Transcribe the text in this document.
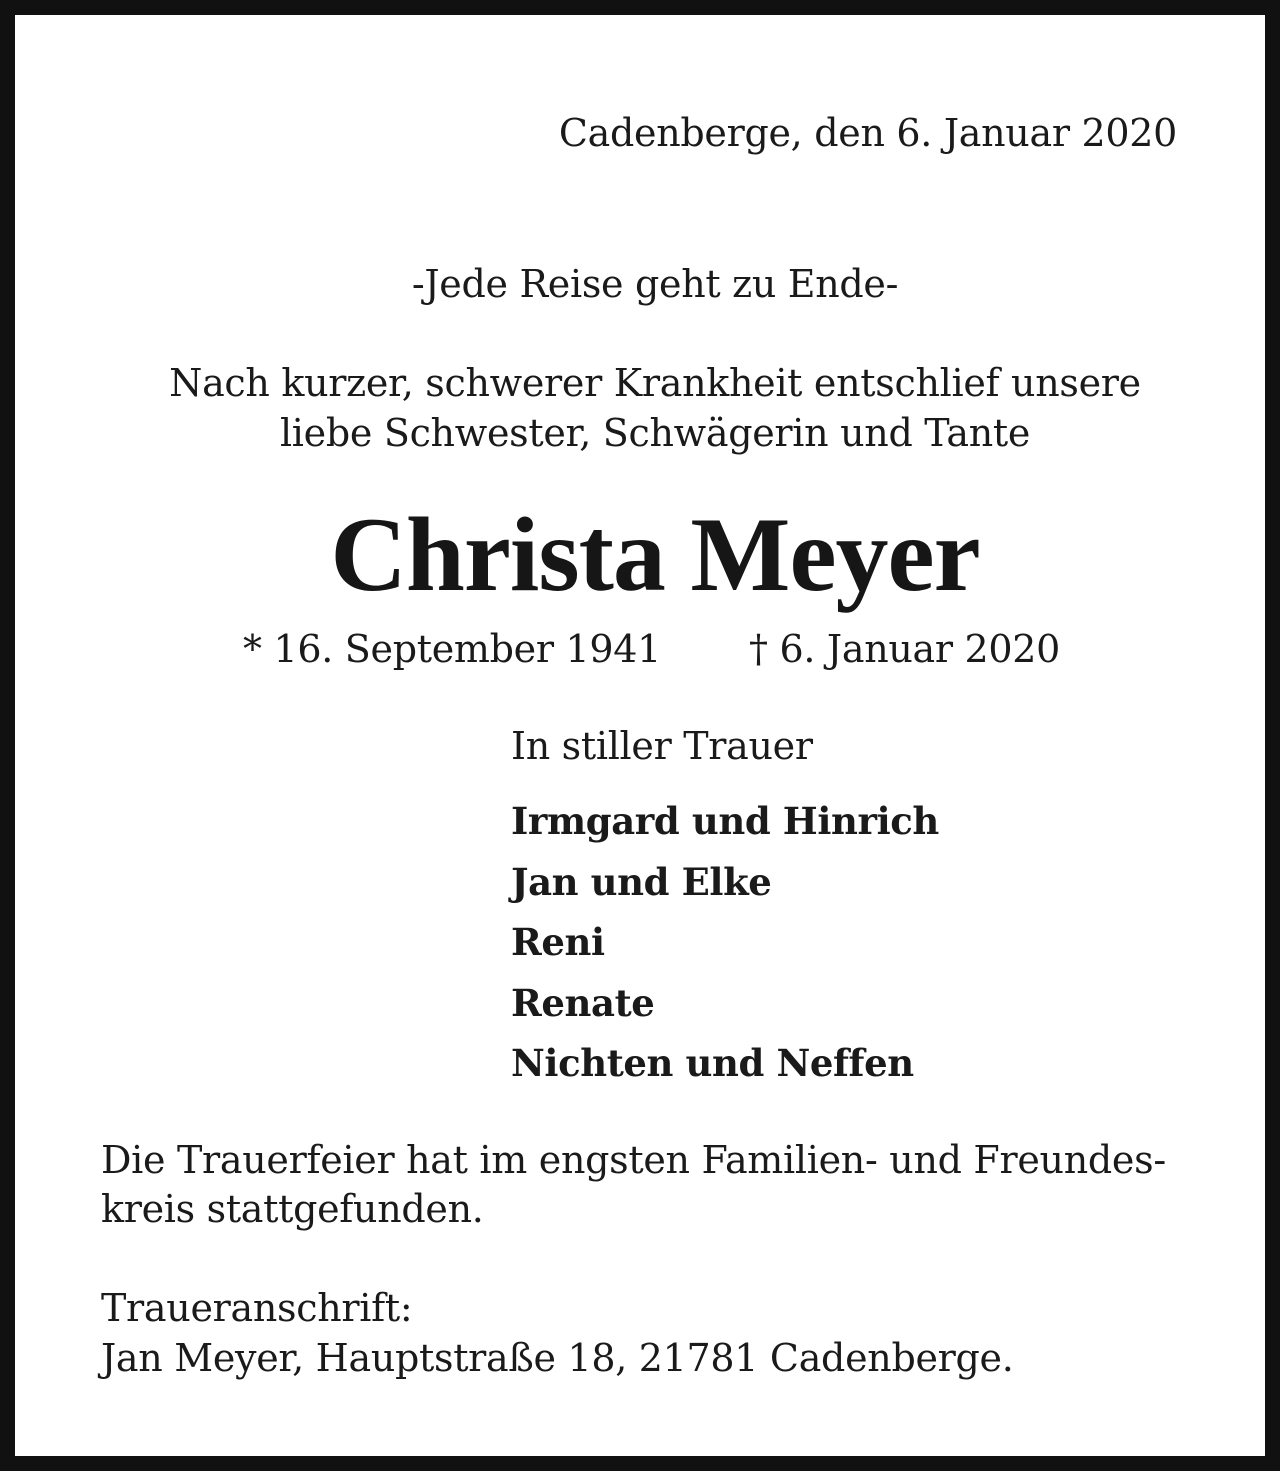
Cadenberge, den 6. Januar 2020
-Jede Reise geht zu Ende-
Nach kurzer, schwerer Krankheit entschlief unsere
liebe Schwester, Schwägerin und Tante
Christa Meyer
* 16. September 1941 † 6. Januar 2020
In stiller Trauer
Irmgard und Hinrich
Jan und Elke
Reni
Renate
Nichten und Neffen
Die Trauerfeier hat im engsten Familien- und Freundes-
kreis stattgefunden.
Traueranschrift:
Jan Meyer, Hauptstraße 18, 21781 Cadenberge.
